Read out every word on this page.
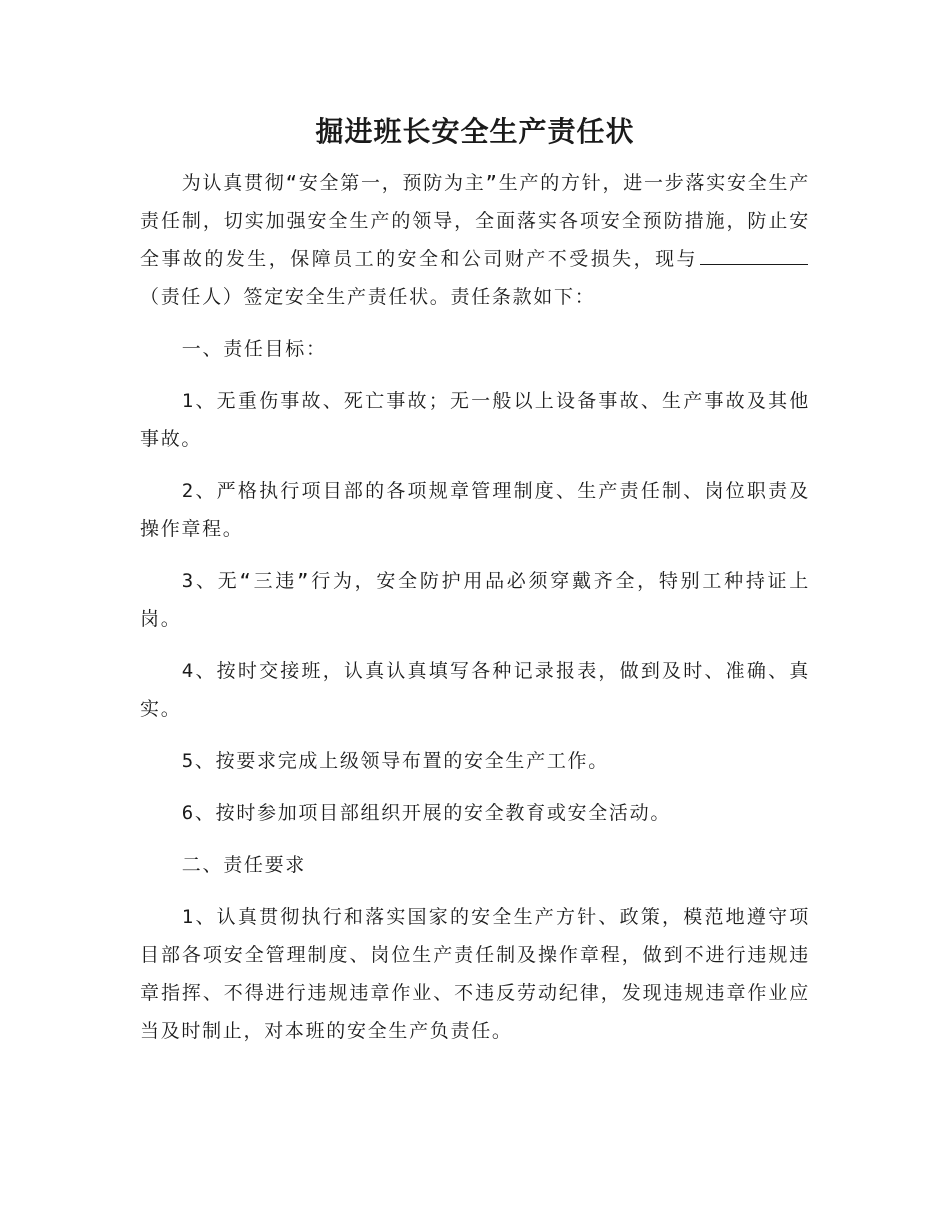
掘进班长安全生产责任状

为认真贯彻“安全第一，预防为主”生产的方针，进一步落实安全生产责任制，切实加强安全生产的领导，全面落实各项安全预防措施，防止安全事故的发生，保障员工的安全和公司财产不受损失，现与（责任人）签定安全生产责任状。责任条款如下：

一、责任目标：

1、无重伤事故、死亡事故；无一般以上设备事故、生产事故及其他事故。

2、严格执行项目部的各项规章管理制度、生产责任制、岗位职责及操作章程。

3、无“三违”行为，安全防护用品必须穿戴齐全，特别工种持证上岗。

4、按时交接班，认真认真填写各种记录报表，做到及时、准确、真实。

5、按要求完成上级领导布置的安全生产工作。

6、按时参加项目部组织开展的安全教育或安全活动。

二、责任要求

1、认真贯彻执行和落实国家的安全生产方针、政策，模范地遵守项目部各项安全管理制度、岗位生产责任制及操作章程，做到不进行违规违章指挥、不得进行违规违章作业、不违反劳动纪律，发现违规违章作业应当及时制止，对本班的安全生产负责任。
